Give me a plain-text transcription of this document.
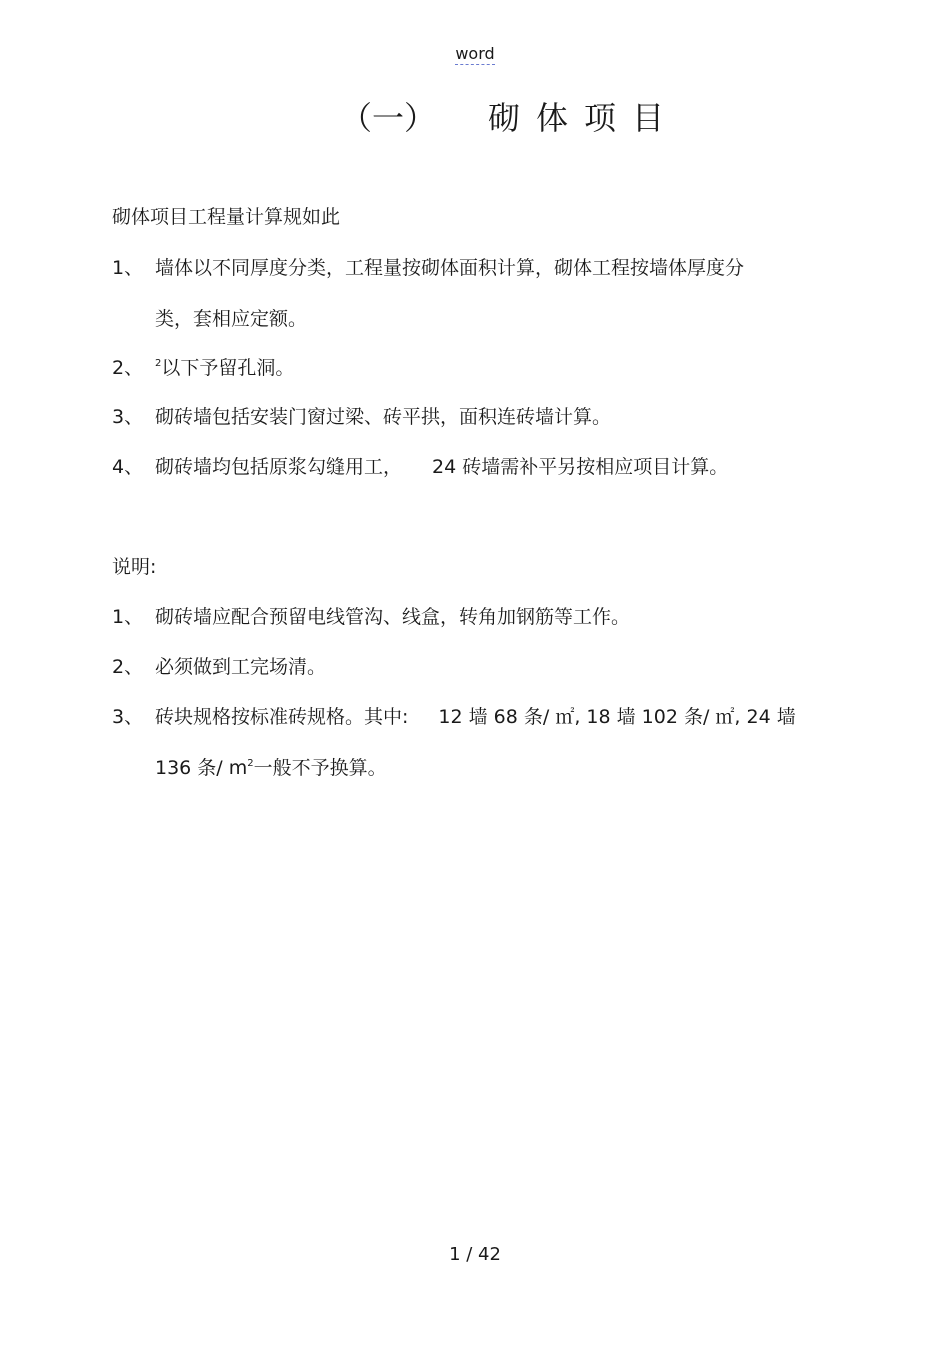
word
（一） 砌体项目
砌体项目工程量计算规如此
1、 墙体以不同厚度分类，工程量按砌体面积计算，砌体工程按墙体厚度分
类，套相应定额。
2、 $^2$以下予留孔洞。
3、 砌砖墙包括安装门窗过梁、砖平拱，面积连砖墙计算。
4、 砌砖墙均包括原浆勾缝用工， 24 砖墙需补平另按相应项目计算。
说明:
1、 砌砖墙应配合预留电线管沟、线盒，转角加钢筋等工作。
2、 必须做到工完场清。
3、 砖块规格按标准砖规格。其中: 12 墙 68 条/ ㎡, 18 墙 102 条/ ㎡, 24 墙
136 条/ $m^2$一般不予换算。
1 / 42
